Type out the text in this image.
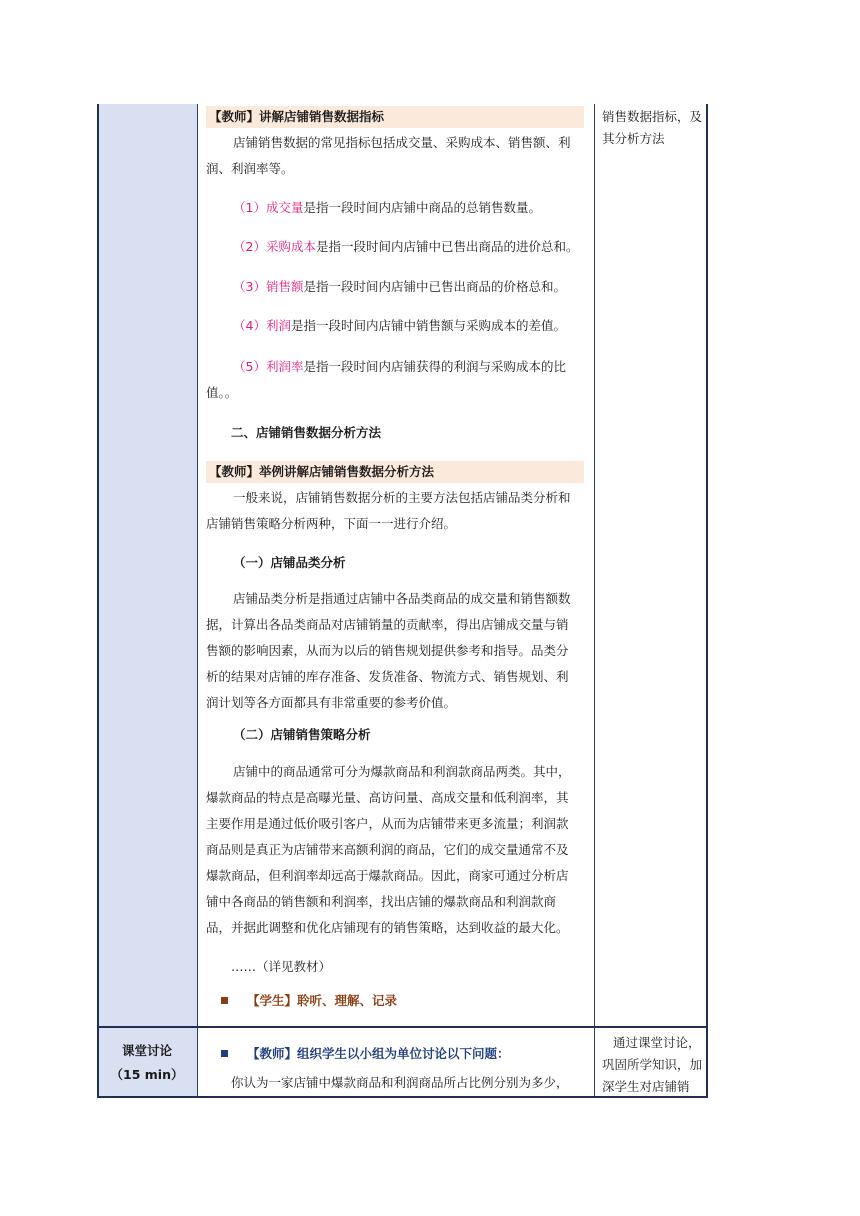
【教师】讲解店铺销售数据指标
店铺销售数据的常见指标包括成交量、采购成本、销售额、利
润、利润率等。
（1）成交量是指一段时间内店铺中商品的总销售数量。
（2）采购成本是指一段时间内店铺中已售出商品的进价总和。
（3）销售额是指一段时间内店铺中已售出商品的价格总和。
（4）利润是指一段时间内店铺中销售额与采购成本的差值。
（5）利润率是指一段时间内店铺获得的利润与采购成本的比
值。。
二、店铺销售数据分析方法
【教师】举例讲解店铺销售数据分析方法
一般来说，店铺销售数据分析的主要方法包括店铺品类分析和
店铺销售策略分析两种，下面一一进行介绍。
（一）店铺品类分析
店铺品类分析是指通过店铺中各品类商品的成交量和销售额数
据，计算出各品类商品对店铺销量的贡献率，得出店铺成交量与销
售额的影响因素，从而为以后的销售规划提供参考和指导。品类分
析的结果对店铺的库存准备、发货准备、物流方式、销售规划、利
润计划等各方面都具有非常重要的参考价值。
（二）店铺销售策略分析
店铺中的商品通常可分为爆款商品和利润款商品两类。其中，
爆款商品的特点是高曝光量、高访问量、高成交量和低利润率，其
主要作用是通过低价吸引客户，从而为店铺带来更多流量；利润款
商品则是真正为店铺带来高额利润的商品，它们的成交量通常不及
爆款商品，但利润率却远高于爆款商品。因此，商家可通过分析店
铺中各商品的销售额和利润率，找出店铺的爆款商品和利润款商
品，并据此调整和优化店铺现有的销售策略，达到收益的最大化。
……（详见教材）
【学生】聆听、理解、记录
销售数据指标，及
其分析方法
课堂讨论
（15 min）
【教师】组织学生以小组为单位讨论以下问题：
你认为一家店铺中爆款商品和利润商品所占比例分别为多少，
通过课堂讨论，
巩固所学知识，加
深学生对店铺销
